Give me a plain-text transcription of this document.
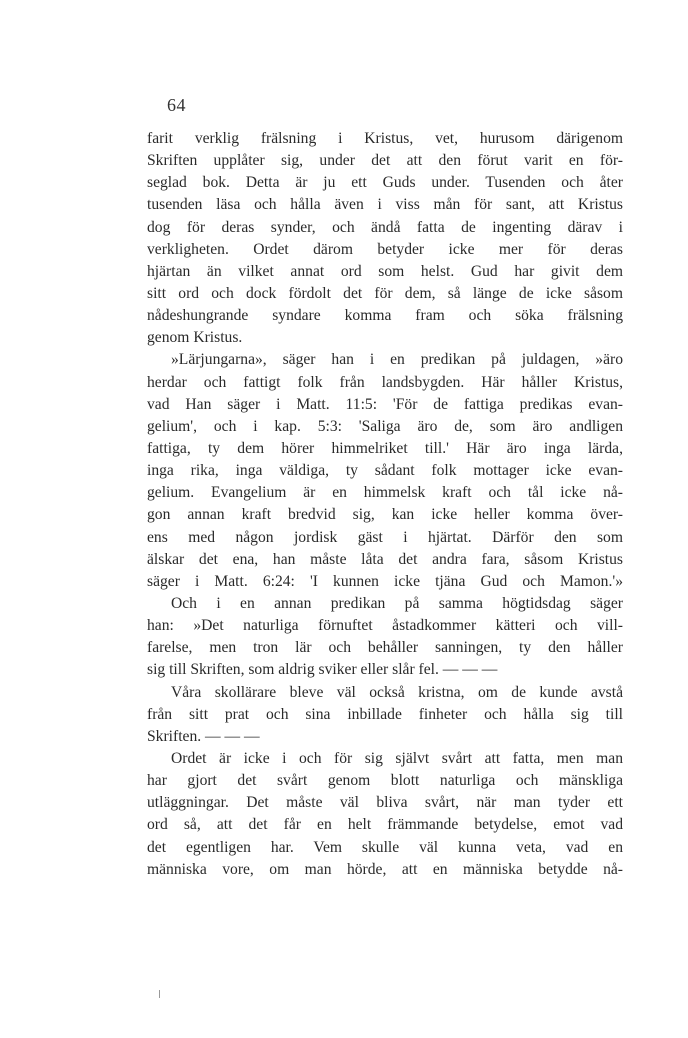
64
farit verklig frälsning i Kristus, vet, hurusom därigenom
Skriften upplåter sig, under det att den förut varit en för-
seglad bok. Detta är ju ett Guds under. Tusenden och åter
tusenden läsa och hålla även i viss mån för sant, att Kristus
dog för deras synder, och ändå fatta de ingenting därav i
verkligheten. Ordet därom betyder icke mer för deras
hjärtan än vilket annat ord som helst. Gud har givit dem
sitt ord och dock fördolt det för dem, så länge de icke såsom
nådeshungrande syndare komma fram och söka frälsning
genom Kristus.
»Lärjungarna», säger han i en predikan på juldagen, »äro
herdar och fattigt folk från landsbygden. Här håller Kristus,
vad Han säger i Matt. 11:5: 'För de fattiga predikas evan-
gelium', och i kap. 5:3: 'Saliga äro de, som äro andligen
fattiga, ty dem hörer himmelriket till.' Här äro inga lärda,
inga rika, inga väldiga, ty sådant folk mottager icke evan-
gelium. Evangelium är en himmelsk kraft och tål icke nå-
gon annan kraft bredvid sig, kan icke heller komma över-
ens med någon jordisk gäst i hjärtat. Därför den som
älskar det ena, han måste låta det andra fara, såsom Kristus
säger i Matt. 6:24: 'I kunnen icke tjäna Gud och Mamon.'»
Och i en annan predikan på samma högtidsdag säger
han: »Det naturliga förnuftet åstadkommer kätteri och vill-
farelse, men tron lär och behåller sanningen, ty den håller
sig till Skriften, som aldrig sviker eller slår fel. — — —
Våra skollärare bleve väl också kristna, om de kunde avstå
från sitt prat och sina inbillade finheter och hålla sig till
Skriften. — — —
Ordet är icke i och för sig självt svårt att fatta, men man
har gjort det svårt genom blott naturliga och mänskliga
utläggningar. Det måste väl bliva svårt, när man tyder ett
ord så, att det får en helt främmande betydelse, emot vad
det egentligen har. Vem skulle väl kunna veta, vad en
människa vore, om man hörde, att en människa betydde nå-
